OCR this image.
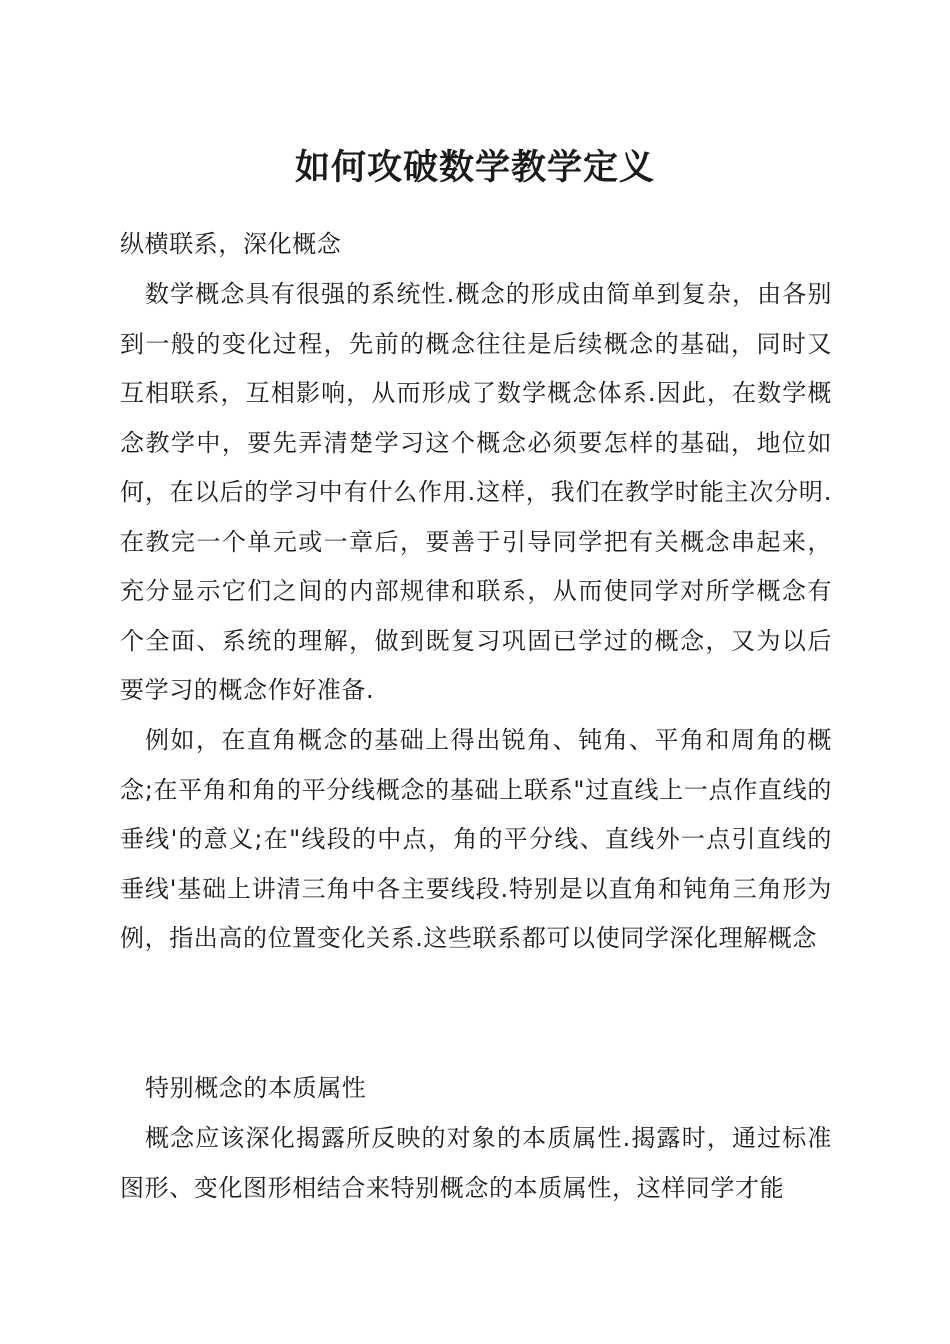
如何攻破数学教学定义

纵横联系，深化概念

数学概念具有很强的系统性.概念的形成由简单到复杂，由各别到一般的变化过程，先前的概念往往是后续概念的基础，同时又互相联系，互相影响，从而形成了数学概念体系.因此，在数学概念教学中，要先弄清楚学习这个概念必须要怎样的基础，地位如何，在以后的学习中有什么作用.这样，我们在教学时能主次分明.在教完一个单元或一章后，要善于引导同学把有关概念串起来，充分显示它们之间的内部规律和联系，从而使同学对所学概念有个全面、系统的理解，做到既复习巩固已学过的概念，又为以后要学习的概念作好准备.

例如，在直角概念的基础上得出锐角、钝角、平角和周角的概念;在平角和角的平分线概念的基础上联系"过直线上一点作直线的垂线'的意义;在"线段的中点，角的平分线、直线外一点引直线的垂线'基础上讲清三角中各主要线段.特别是以直角和钝角三角形为例，指出高的位置变化关系.这些联系都可以使同学深化理解概念

特别概念的本质属性

概念应该深化揭露所反映的对象的本质属性.揭露时，通过标准图形、变化图形相结合来特别概念的本质属性，这样同学才能
